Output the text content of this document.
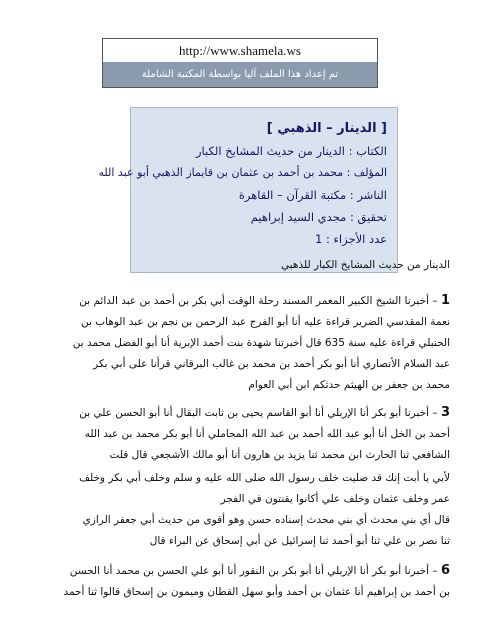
http://www.shamela.ws
تم إعداد هذا الملف آليا بواسطة المكتبة الشاملة
[ الدينار – الذهبي ]
الكتاب : الدينار من حديث المشايخ الكبار
المؤلف : محمد بن أحمد بن عثمان بن قايماز الذهبي أبو عبد الله
الناشر : مكتبة القرآن – القاهرة
تحقيق : مجدي السيد إبراهيم
عدد الأجزاء : 1

الدينار من حديث المشايخ الكبار للذهبي

1 – أخبرنا الشيخ الكبير المعمر المسند رحلة الوقت أبي بكر بن أحمد بن عبد الدائم بن

نعمة المقدسي الضرير قراءة عليه أنا أبو الفرج عبد الرحمن بن نجم بن عبد الوهاب بن

الحنبلي قراءة عليه سنة 635 قال أخبرتنا شهدة بنت أحمد الإبرية أنا أبو الفضل محمد بن

عبد السلام الأنصاري أنا أبو بكر أحمد بن محمد بن غالب البرقاني قرأنا على أبي بكر

محمد بن جعفر بن الهيثم حدثكم ابن أبي العوام

3 – أخبرنا أبو بكر أنا الإربلي أنا أبو القاسم يحيى بن ثابت البقال أنا أبو الحسن علي بن

أحمد بن الخل أنا أبو عبد الله أحمد بن عبد الله المحاملي أنا أبو بكر محمد بن عبد الله

الشافعي ثنا الحارث ابن محمد ثنا يزيد بن هارون أنا أبو مالك الأشجعي قال قلت

لأبي يا أبت إنك قد صليت خلف رسول الله صلى الله عليه و سلم وخلف أبي بكر وخلف

عمر وخلف عثمان وخلف علي أكانوا يقنتون في الفجر

قال أي بني محدث أي بني محدث إسناده حسن وهو أقوى من حديث أبي جعفر الرازي

ثنا نصر بن علي ثنا أبو أحمد ثنا إسرائيل عن أبي إسحاق عن البراء قال

6 – أخبرنا أبو بكر أنا الإربلي أنا أبو بكر بن النقور أنا أبو علي الحسن بن محمد أنا الحسن

بن أحمد بن إبراهيم أنا عثمان بن أحمد وأبو سهل القطان وميمون بن إسحاق قالوا ثنا أحمد
